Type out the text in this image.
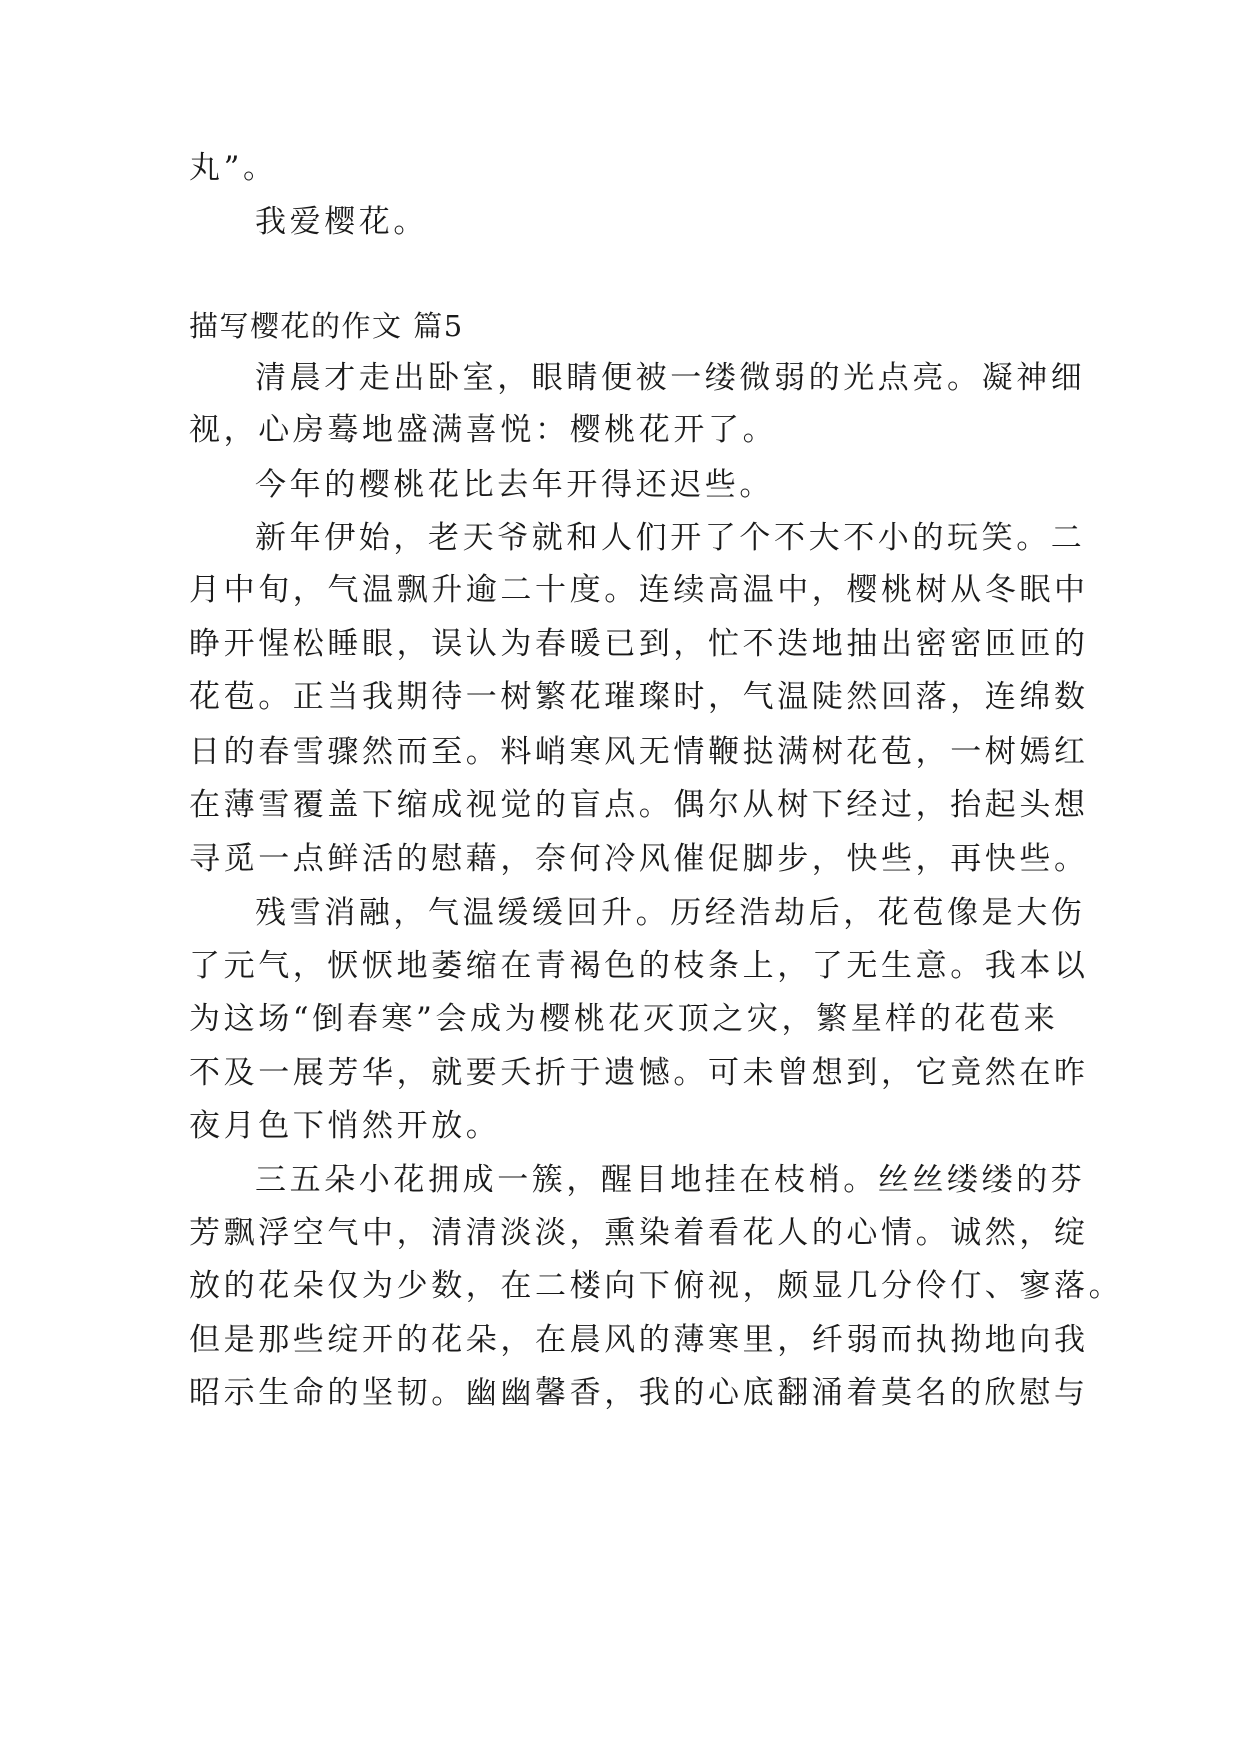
丸”。
我爱樱花。
描写樱花的作文 篇5
清晨才走出卧室，眼睛便被一缕微弱的光点亮。凝神细
视，心房蓦地盛满喜悦：樱桃花开了。
今年的樱桃花比去年开得还迟些。
新年伊始，老天爷就和人们开了个不大不小的玩笑。二
月中旬，气温飘升逾二十度。连续高温中，樱桃树从冬眠中
睁开惺松睡眼，误认为春暖已到，忙不迭地抽出密密匝匝的
花苞。正当我期待一树繁花璀璨时，气温陡然回落，连绵数
日的春雪骤然而至。料峭寒风无情鞭挞满树花苞，一树嫣红
在薄雪覆盖下缩成视觉的盲点。偶尔从树下经过，抬起头想
寻觅一点鲜活的慰藉，奈何冷风催促脚步，快些，再快些。
残雪消融，气温缓缓回升。历经浩劫后，花苞像是大伤
了元气，恹恹地萎缩在青褐色的枝条上，了无生意。我本以
为这场“倒春寒”会成为樱桃花灭顶之灾，繁星样的花苞来
不及一展芳华，就要夭折于遗憾。可未曾想到，它竟然在昨
夜月色下悄然开放。
三五朵小花拥成一簇，醒目地挂在枝梢。丝丝缕缕的芬
芳飘浮空气中，清清淡淡，熏染着看花人的心情。诚然，绽
放的花朵仅为少数，在二楼向下俯视，颇显几分伶仃、寥落。
但是那些绽开的花朵，在晨风的薄寒里，纤弱而执拗地向我
昭示生命的坚韧。幽幽馨香，我的心底翻涌着莫名的欣慰与
